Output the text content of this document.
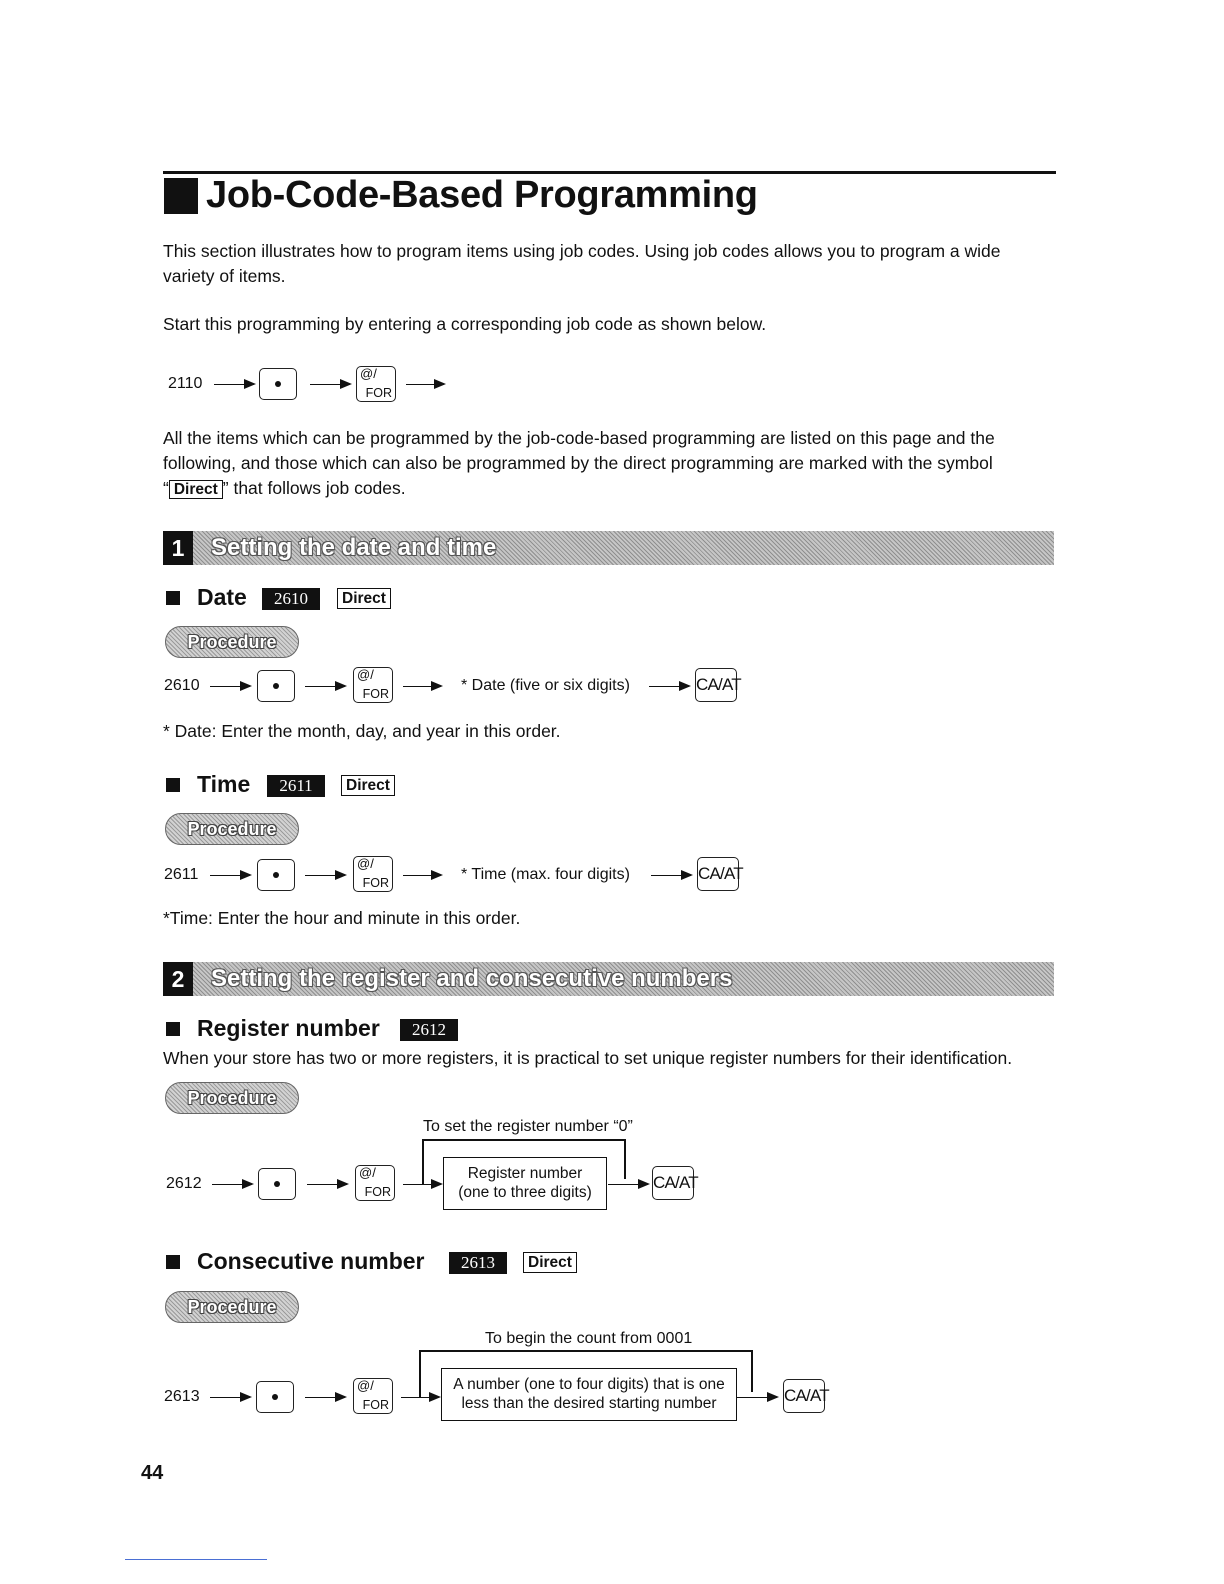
Job-Code-Based Programming
This section illustrates how to program items using job codes. Using job codes allows you to program a wide variety of items.
Start this programming by entering a corresponding job code as shown below.
2110
@/
FOR
All the items which can be programmed by the job-code-based programming are listed on this page and the following, and those which can also be programmed by the direct programming are marked with the symbol “ Direct ” that follows job codes.
1	Setting the date and time
Date	2610	Direct
Procedure
2610
@/
FOR	* Date (five or six digits)	CA/AT
* Date: Enter the month, day, and year in this order.
Time	2611	Direct
Procedure
2611
@/
FOR	* Time (max. four digits)	CA/AT
*Time: Enter the hour and minute in this order.
2	Setting the register and consecutive numbers
Register number	2612
When your store has two or more registers, it is practical to set unique register numbers for their identification.
Procedure
To set the register number “0”
2612
@/
FOR
Register number
(one to three digits)
CA/AT
Consecutive number	2613	Direct
Procedure
To begin the count from 0001
2613
@/
FOR
A number (one to four digits) that is one
less than the desired starting number	CA/AT
44
